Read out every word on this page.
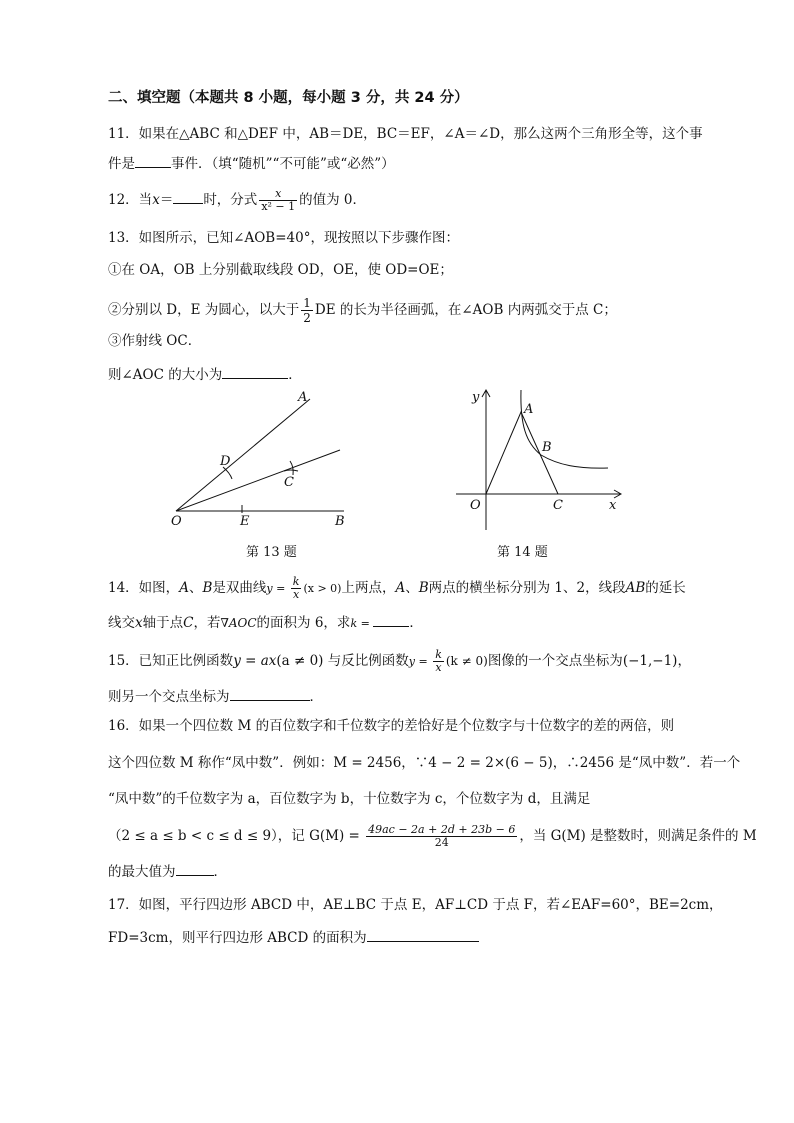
二、填空题（本题共 8 小题，每小题 3 分，共 24 分）
11．如果在△ABC 和△DEF 中，AB＝DE，BC＝EF，∠A＝∠D，那么这两个三角形全等，这个事
件是	事件．（填“随机”“不可能”或“必然”）
12．当x＝ 时，分式 $\frac{x}{\text{x² − 1}}$ 的值为 0．
13．如图所示，已知∠AOB=40°，现按照以下步骤作图：
①在 OA，OB 上分别截取线段 OD，OE，使 OD=OE；
②分别以 D，E 为圆心，以大于 $\frac{1}{2}$ DE 的长为半径画弧，在∠AOB 内两弧交于点 C；
③作射线 OC．
则∠AOC 的大小为	．
A
D
C
O	E	B
第 13 题
y
A
B
O	C	x
第 14 题
14．如图，A、B是双曲线$y = \frac{k}{x} (x > 0)$上两点，A、B两点的横坐标分别为 1、2，线段AB的延长
线交x轴于点C，若∇AOC的面积为 6，求k =	．
15．已知正比例函数y = ax(a ≠ 0) 与反比例函数$y = \frac{k}{x} (k \ne 0)$图像的一个交点坐标为(−1,−1)，
则另一个交点坐标为	．
16．如果一个四位数 M 的百位数字和千位数字的差恰好是个位数字与十位数字的差的两倍，则
这个四位数 M 称作“凤中数”．例如：M = 2456，∵4 − 2 = 2×(6 − 5)，∴2456 是“凤中数”．若一个
“凤中数”的千位数字为 a，百位数字为 b，十位数字为 c，个位数字为 d，且满足
（2 ≤ a ≤ b < c ≤ d ≤ 9），记 $G(M) = \frac{49ac - 2a + 2d + 23b - 6}{24}$ ，当 G(M) 是整数时，则满足条件的 M
的最大值为	．
17．如图，平行四边形 ABCD 中，AE⊥BC 于点 E，AF⊥CD 于点 F，若∠EAF=60°，BE=2cm，
FD=3cm，则平行四边形 ABCD 的面积为
